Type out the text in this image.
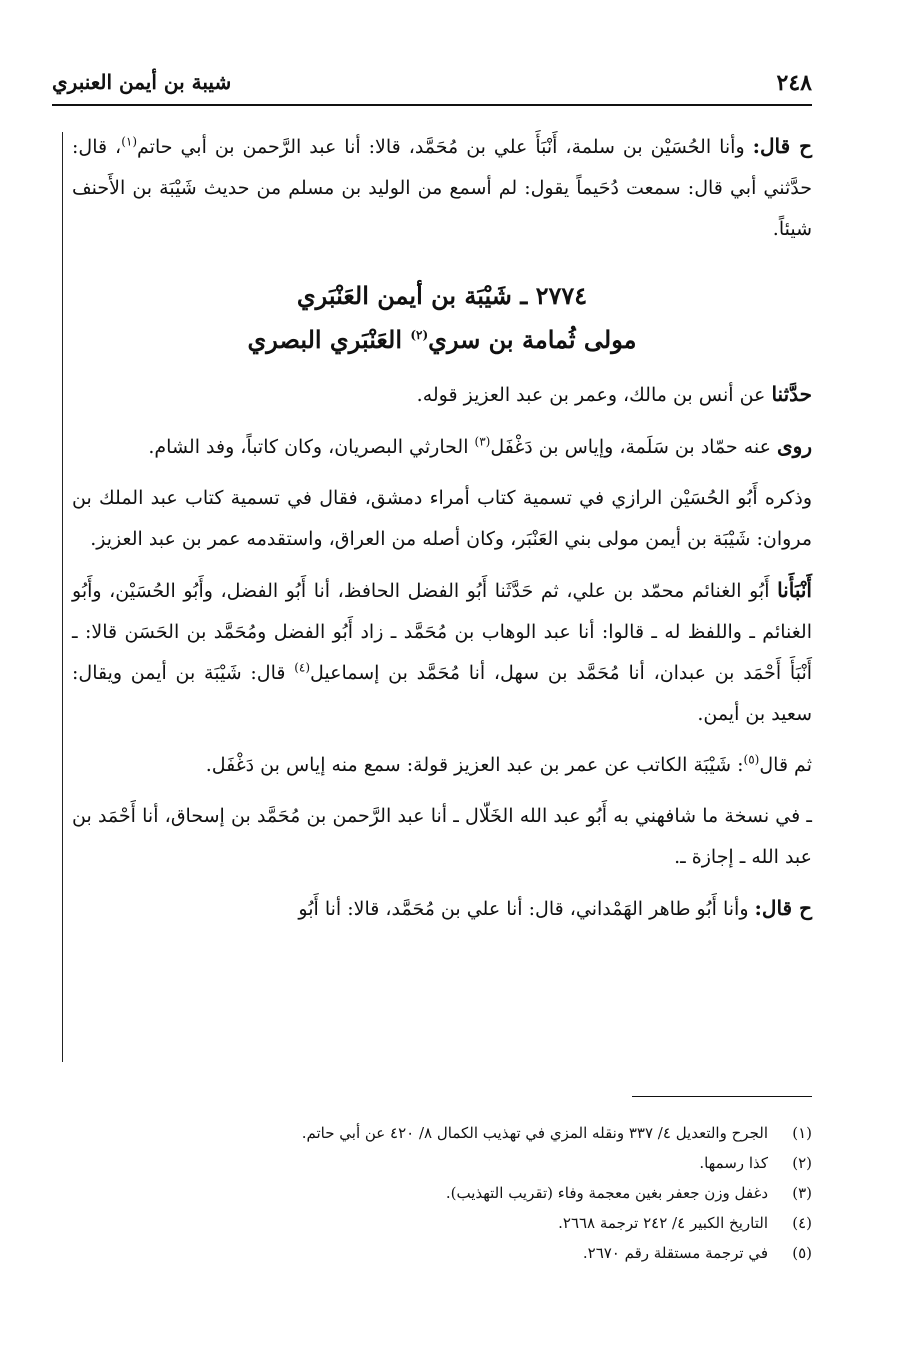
٢٤٨
شيبة بن أيمن العنبري

ح قال: وأنا الحُسَيْن بن سلمة، أَنْبَأَ علي بن مُحَمَّد، قالا: أنا عبد الرَّحمن بن أبي حاتم$^{(١)}$، قال: حدَّثني أبي قال: سمعت دُحَيماً يقول: لم أسمع من الوليد بن مسلم من حديث شَيْبَة بن الأَحنف شيئاً.

٢٧٧٤ ـ شَيْبَة بن أيمن العَنْبَري
مولى ثُمامة بن سري$^{(٢)}$ العَنْبَري البصري

حدَّثنا عن أنس بن مالك، وعمر بن عبد العزيز قوله.

روى عنه حمّاد بن سَلَمة، وإياس بن دَغْفَل$^{(٣)}$ الحارثي البصريان، وكان كاتباً، وفد الشام.

وذكره أَبُو الحُسَيْن الرازي في تسمية كتاب أمراء دمشق، فقال في تسمية كتاب عبد الملك بن مروان: شَيْبَة بن أيمن مولى بني العَنْبَر، وكان أصله من العراق، واستقدمه عمر بن عبد العزيز.

أَنْبَأَنا أَبُو الغنائم محمّد بن علي، ثم حَدَّثَنا أَبُو الفضل الحافظ، أنا أَبُو الفضل، وأَبُو الحُسَيْن، وأَبُو الغنائم ـ واللفظ له ـ قالوا: أنا عبد الوهاب بن مُحَمَّد ـ زاد أَبُو الفضل ومُحَمَّد بن الحَسَن قالا: ـ أَنْبَأَ أَحْمَد بن عبدان، أنا مُحَمَّد بن سهل، أنا مُحَمَّد بن إسماعيل$^{(٤)}$ قال: شَيْبَة بن أيمن ويقال: سعيد بن أيمن.

ثم قال$^{(٥)}$: شَيْبَة الكاتب عن عمر بن عبد العزيز قولة: سمع منه إياس بن دَغْفَل.

ـ في نسخة ما شافهني به أَبُو عبد الله الخَلّال ـ أنا عبد الرَّحمن بن مُحَمَّد بن إسحاق، أنا أَحْمَد بن عبد الله ـ إجازة ـ.

ح قال: وأنا أَبُو طاهر الهَمْداني، قال: أنا علي بن مُحَمَّد، قالا: أنا أَبُو

(١)الجرح والتعديل ٤/ ٣٣٧ ونقله المزي في تهذيب الكمال ٨/ ٤٢٠ عن أبي حاتم.
(٢)كذا رسمها.
(٣)دغفل وزن جعفر بغين معجمة وفاء (تقريب التهذيب).
(٤)التاريخ الكبير ٤/ ٢٤٢ ترجمة ٢٦٦٨.
(٥)في ترجمة مستقلة رقم ٢٦٧٠.
